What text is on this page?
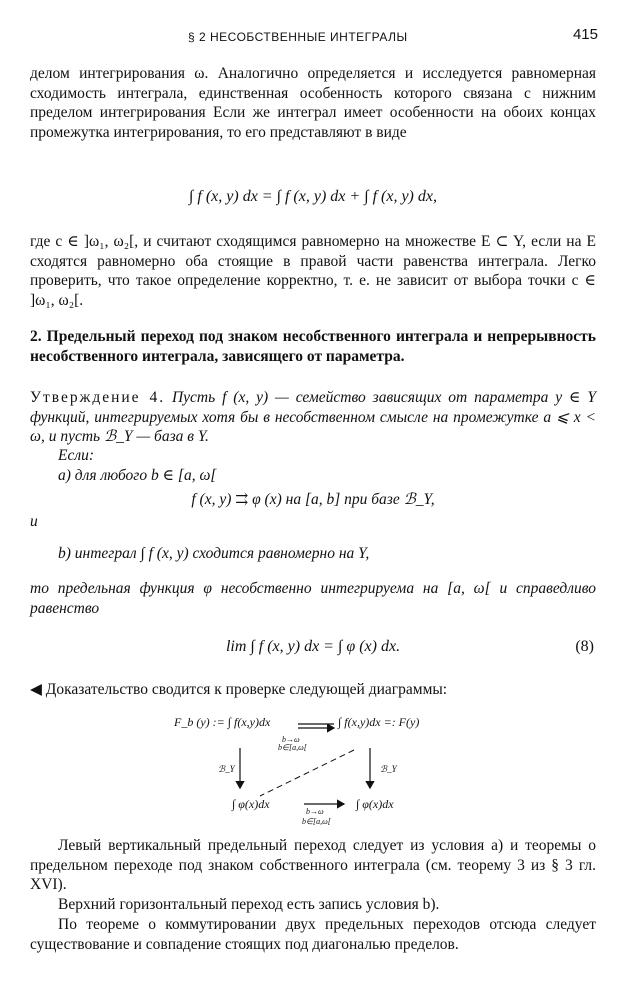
§ 2 НЕСОБСТВЕННЫЕ ИНТЕГРАЛЫ	415
делом интегрирования ω. Аналогично определяется и исследуется равномерная сходимость интеграла, единственная особенность которого связана с нижним пределом интегрирования Если же интеграл имеет особенности на обоих концах промежутка интегрирования, то его представляют в виде
∫ f (x, y) dx = ∫ f (x, y) dx + ∫ f (x, y) dx,
где c ∈ ]ω₁, ω₂[, и считают сходящимся равномерно на множестве E ⊂ Y, если на E сходятся равномерно оба стоящие в правой части равенства интеграла. Легко проверить, что такое определение корректно, т. е. не зависит от выбора точки c ∈ ]ω₁, ω₂[.
2. Предельный переход под знаком несобственного интеграла и непрерывность несобственного интеграла, зависящего от параметра.
Утверждение 4. Пусть f (x, y) — семейство зависящих от параметра y ∈ Y функций, интегрируемых хотя бы в несобственном смысле на промежутке a ⩽ x < ω, и пусть ℬ_Y — база в Y.
Если:
а) для любого b ∈ [a, ω[
f (x, y) ⇉ φ (x) на [a, b] при базе ℬ_Y,
и
b) интеграл ∫ f (x, y) сходится равномерно на Y,
то предельная функция φ несобственно интегрируема на [a, ω[ и справедливо равенство
lim ∫ f (x, y) dx = ∫ φ (x) dx.	(8)
◀ Доказательство сводится к проверке следующей диаграммы:
F_b (y) := ∫ f(x,y)dx	∫ f(x,y)dx =: F(y)
b→ω
b∈[a,ω[
ℬ_Y	ℬ_Y
∫ φ(x)dx	∫ φ(x)dx
b→ω
b∈[a,ω[
Левый вертикальный предельный переход следует из условия а) и теоремы о предельном переходе под знаком собственного интеграла (см. теорему 3 из § 3 гл. XVI).
Верхний горизонтальный переход есть запись условия b).
По теореме о коммутировании двух предельных переходов отсюда следует существование и совпадение стоящих под диагональю пределов.
